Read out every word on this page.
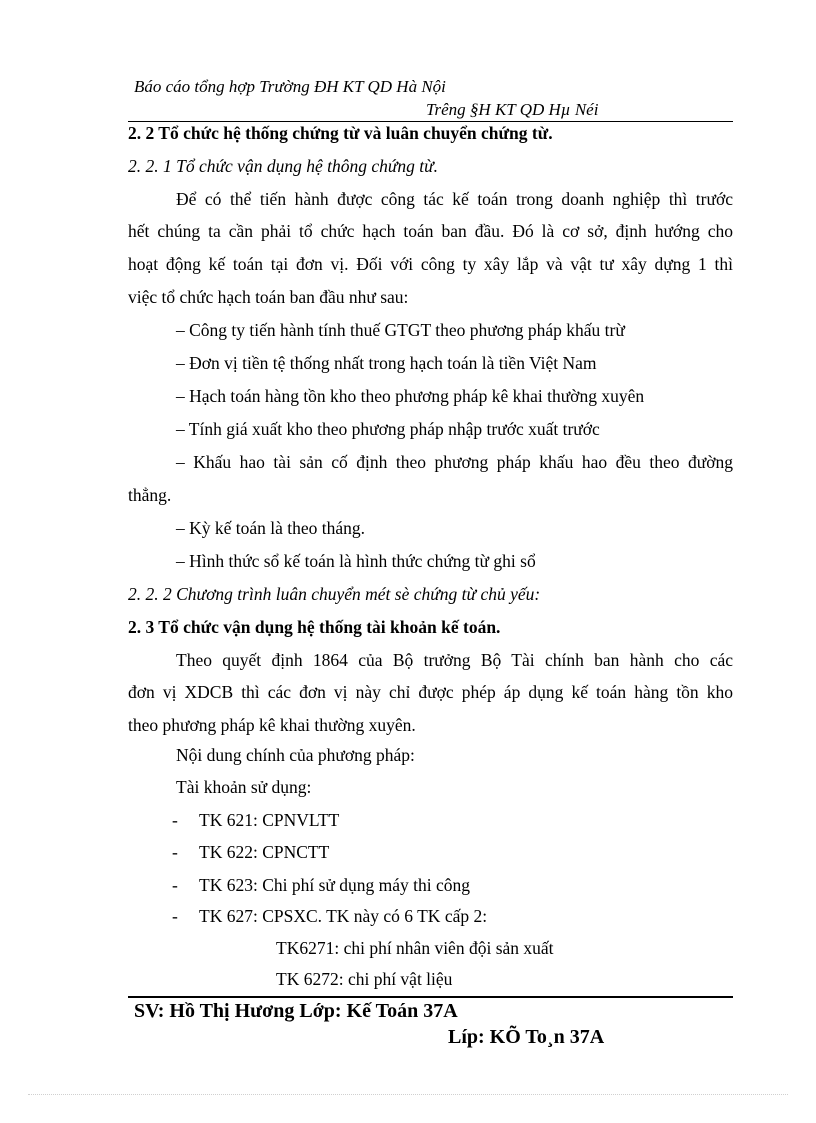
Báo cáo tổng hợp Trường ĐH KT QD Hà Nội
Trêng §H KT QD Hµ Néi
2. 2 Tổ chức hệ thống chứng từ và luân chuyển chứng từ.
2. 2. 1 Tổ chức vận dụng hệ thông chứng từ.
Để có thể tiến hành được công tác kế toán trong doanh nghiệp thì trước
hết chúng ta cần phải tổ chức hạch toán ban đầu. Đó là cơ sở, định hướng cho
hoạt động kế toán tại đơn vị. Đối với công ty xây lắp và vật tư xây dựng 1 thì
việc tổ chức hạch toán ban đầu như sau:
– Công ty tiến hành tính thuế GTGT theo phương pháp khấu trừ
– Đơn vị tiền tệ thống nhất trong hạch toán là tiền Việt Nam
– Hạch toán hàng tồn kho theo phương pháp kê khai thường xuyên
– Tính giá xuất kho theo phương pháp nhập trước xuất trước
– Khấu hao tài sản cố định theo phương pháp khấu hao đều theo đường
thẳng.
– Kỳ kế toán là theo tháng.
– Hình thức sổ kế toán là hình thức chứng từ ghi sổ
2. 2. 2 Chương trình luân chuyển mét sè chứng từ chủ yếu:
2. 3 Tổ chức vận dụng hệ thống tài khoản kế toán.
Theo quyết định 1864 của Bộ trưởng Bộ Tài chính ban hành cho các
đơn vị XDCB thì các đơn vị này chỉ được phép áp dụng kế toán hàng tồn kho
theo phương pháp kê khai thường xuyên.
Nội dung chính của phương pháp:
Tài khoản sử dụng:
- TK 621: CPNVLTT
- TK 622: CPNCTT
- TK 623: Chi phí sử dụng máy thi công
- TK 627: CPSXC. TK này có 6 TK cấp 2:
TK6271: chi phí nhân viên đội sản xuất
TK 6272: chi phí vật liệu
SV: Hồ Thị Hương Lớp: Kế Toán 37A
Líp: KÕ To¸n 37A
